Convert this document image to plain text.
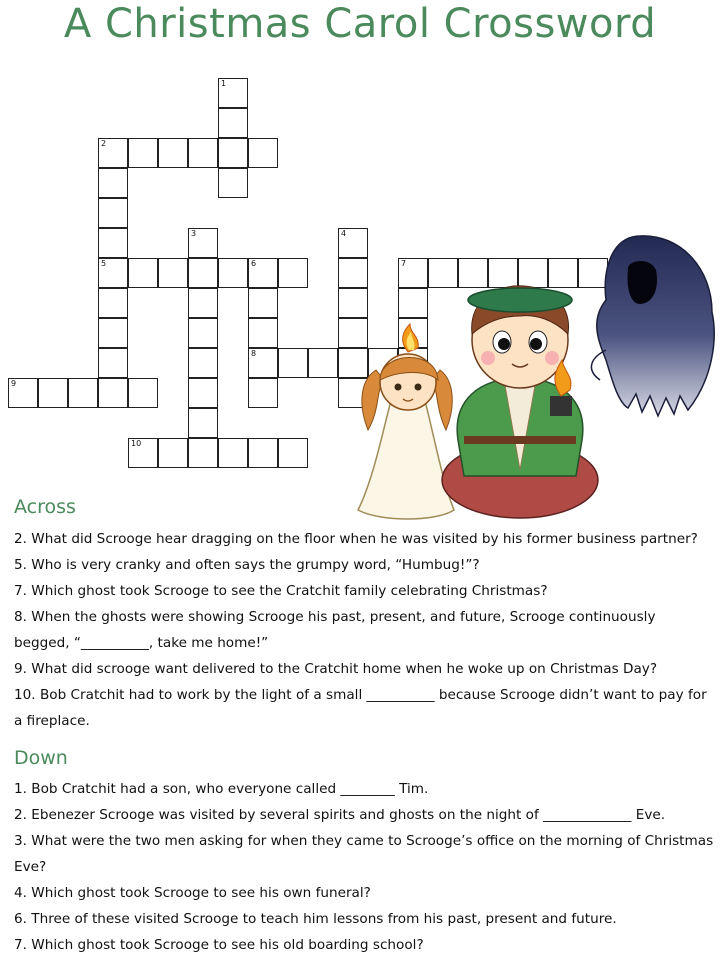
A Christmas Carol Crossword
1
2
5
3	4
6
8
7
9
10
Across
2. What did Scrooge hear dragging on the floor when he was visited by his former business partner?
5. Who is very cranky and often says the grumpy word, “Humbug!”?
7. Which ghost took Scrooge to see the Cratchit family celebrating Christmas?
8. When the ghosts were showing Scrooge his past, present, and future, Scrooge continuously begged, “__________, take me home!”
9. What did scrooge want delivered to the Cratchit home when he woke up on Christmas Day?
10. Bob Cratchit had to work by the light of a small __________ because Scrooge didn’t want to pay for a fireplace.
Down
1. Bob Cratchit had a son, who everyone called ________ Tim.
2. Ebenezer Scrooge was visited by several spirits and ghosts on the night of _____________ Eve.
3. What were the two men asking for when they came to Scrooge’s office on the morning of Christmas Eve?
4. Which ghost took Scrooge to see his own funeral?
6. Three of these visited Scrooge to teach him lessons from his past, present and future.
7. Which ghost took Scrooge to see his old boarding school?
